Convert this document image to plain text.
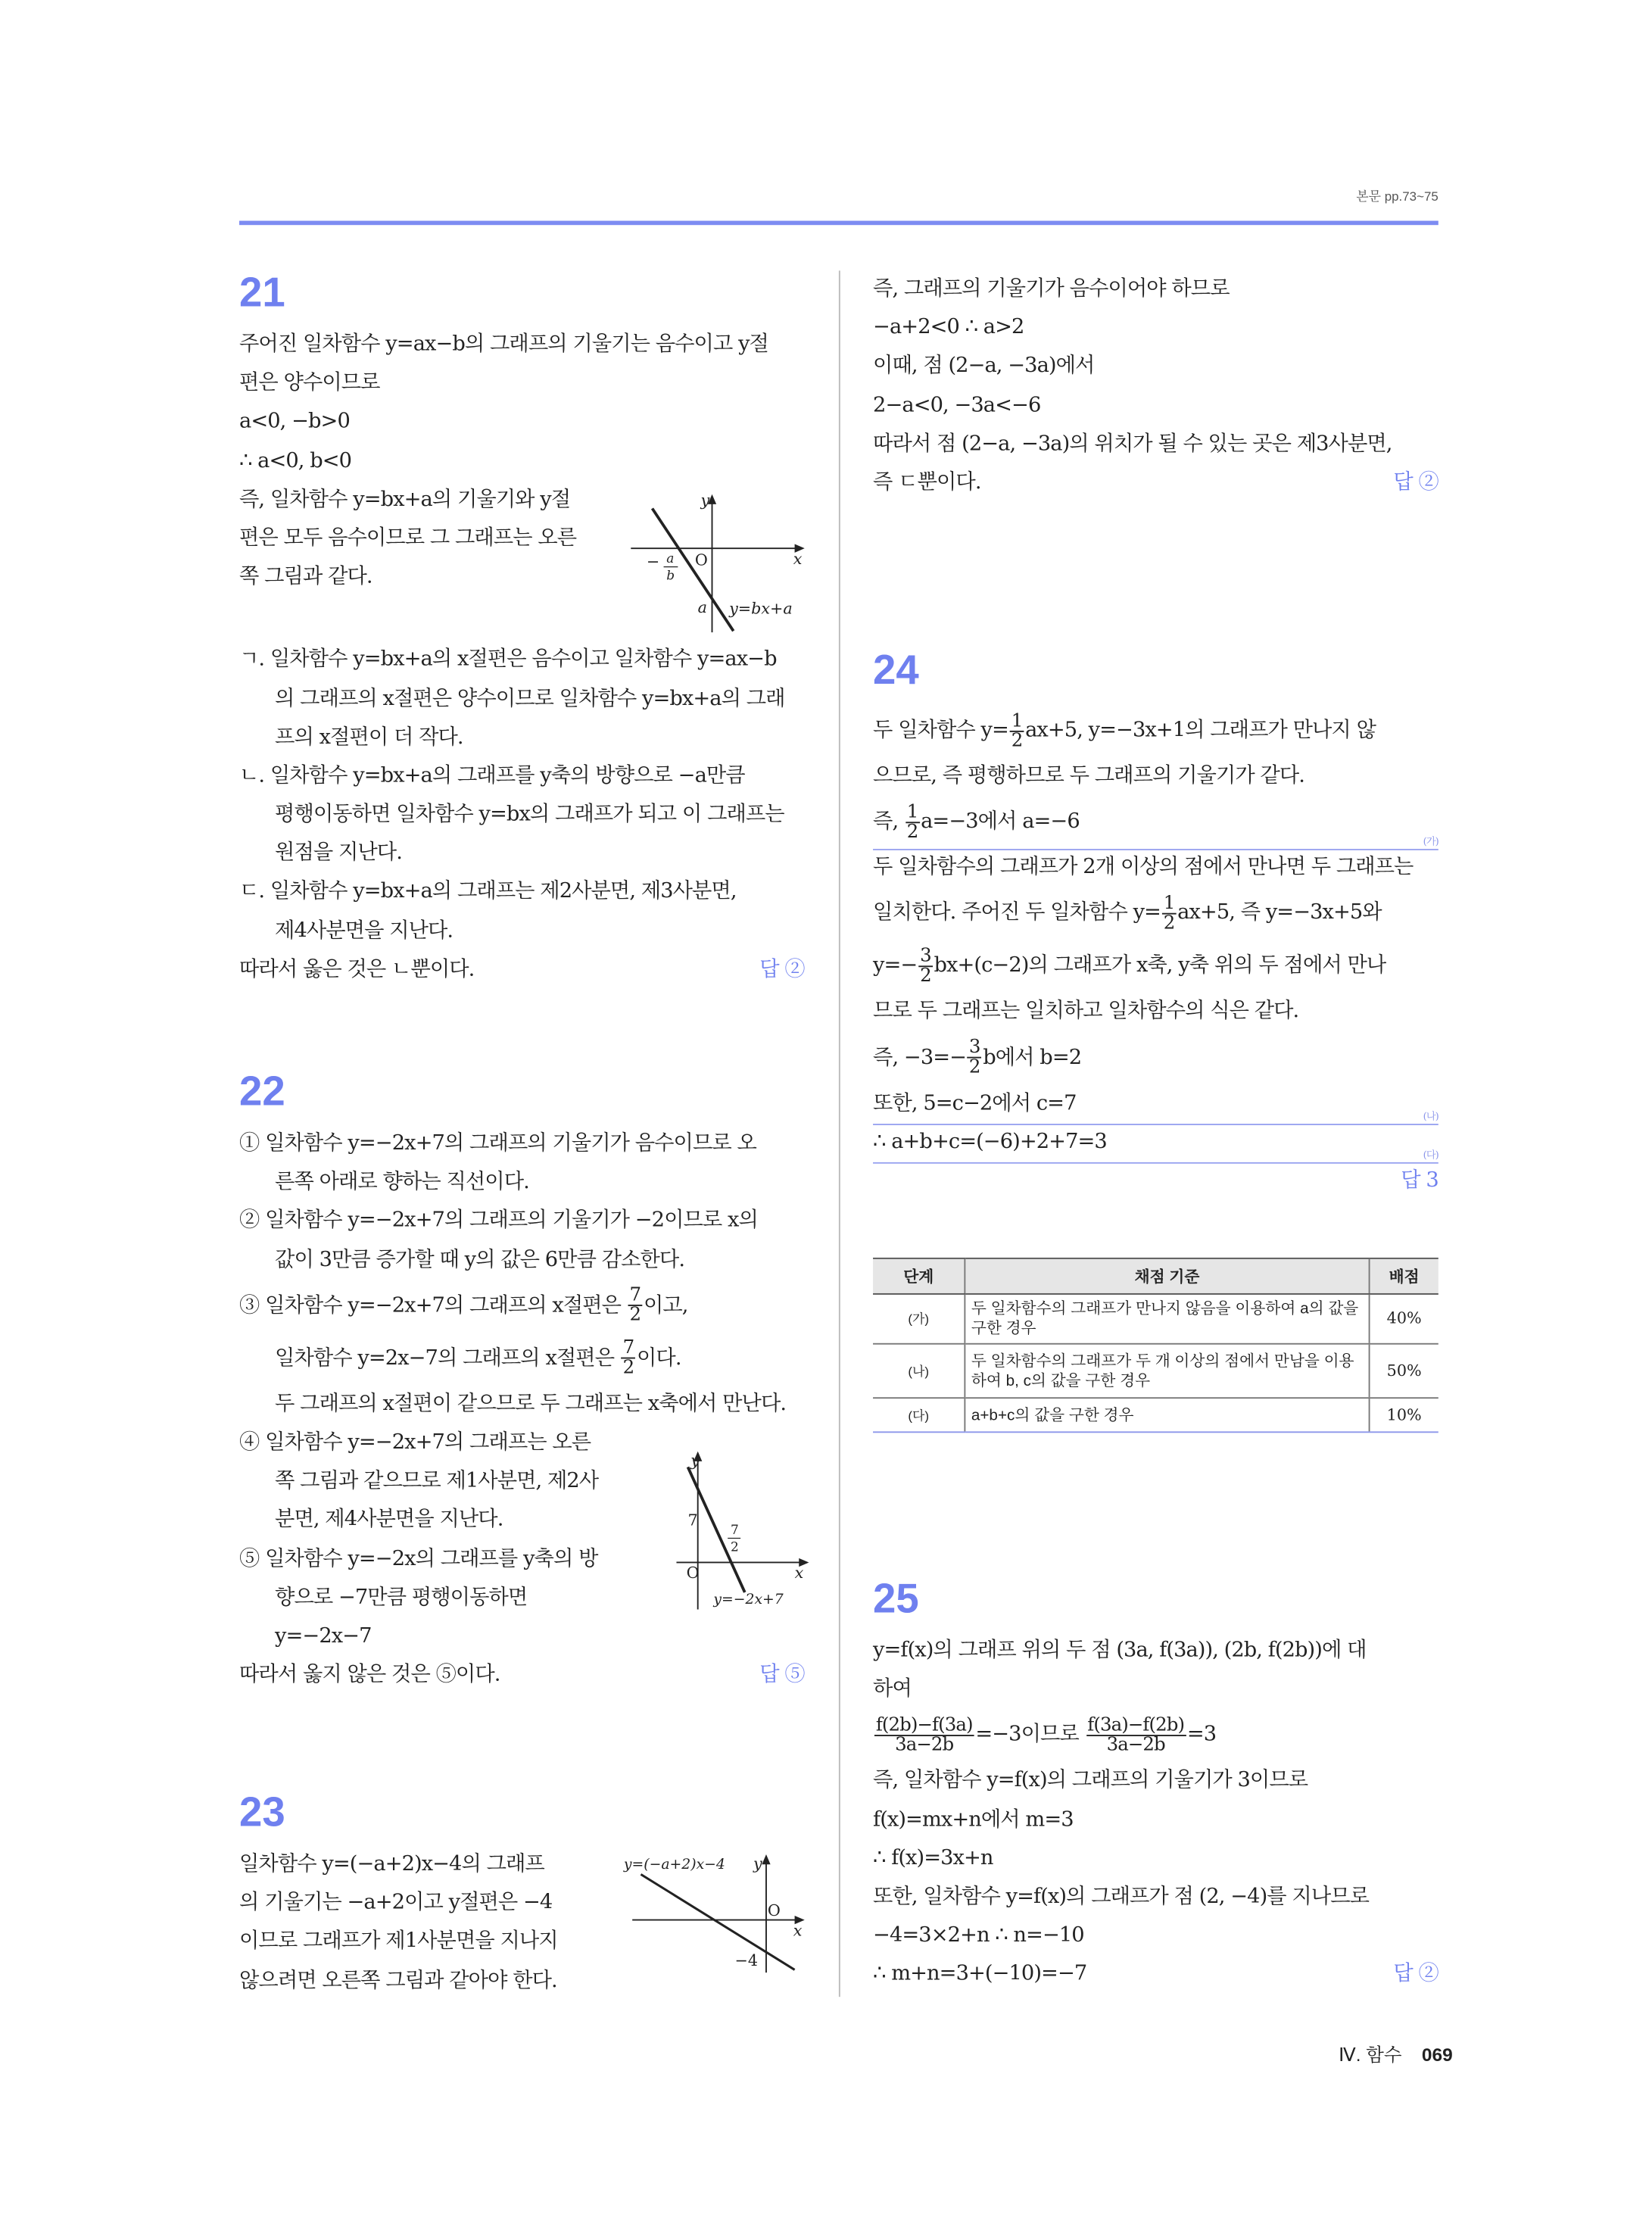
본문 pp.73~75
21
주어진 일차함수 y=ax−b의 그래프의 기울기는 음수이고 y절
편은 양수이므로
a<0, −b>0
∴ a<0, b<0
즉, 일차함수 y=bx+a의 기울기와 y절
편은 모두 음수이므로 그 그래프는 오른
쪽 그림과 같다.
ㄱ. 일차함수 y=bx+a의 x절편은 음수이고 일차함수 y=ax−b
의 그래프의 x절편은 양수이므로 일차함수 y=bx+a의 그래
프의 x절편이 더 작다.
ㄴ. 일차함수 y=bx+a의 그래프를 y축의 방향으로 −a만큼
평행이동하면 일차함수 y=bx의 그래프가 되고 이 그래프는
원점을 지난다.
ㄷ. 일차함수 y=bx+a의 그래프는 제2사분면, 제3사분면,
제4사분면을 지난다.
따라서 옳은 것은 ㄴ뿐이다.	답 ②
y
O	x
− a
b
a	y=bx+a
22
① 일차함수 y=−2x+7의 그래프의 기울기가 음수이므로 오
른쪽 아래로 향하는 직선이다.
② 일차함수 y=−2x+7의 그래프의 기울기가 −2이므로 x의
값이 3만큼 증가할 때 y의 값은 6만큼 감소한다.
③ 일차함수 y=−2x+7의 그래프의 x절편은 $\frac{7}{2}$ 이고,
일차함수 y=2x−7의 그래프의 x절편은 $\frac{7}{2}$ 이다.
두 그래프의 x절편이 같으므로 두 그래프는 x축에서 만난다.
④ 일차함수 y=−2x+7의 그래프는 오른
쪽 그림과 같으므로 제1사분면, 제2사
분면, 제4사분면을 지난다.
⑤ 일차함수 y=−2x의 그래프를 y축의 방
향으로 −7만큼 평행이동하면
y=−2x−7
따라서 옳지 않은 것은 ⑤이다.	답 ⑤
y
7
7
2
O	x
y=−2x+7
23
일차함수 y=(−a+2)x−4의 그래프
의 기울기는 −a+2이고 y절편은 −4
이므로 그래프가 제1사분면을 지나지
않으려면 오른쪽 그림과 같아야 한다.
y=(−a+2)x−4	y
O
x
−4
즉, 그래프의 기울기가 음수이어야 하므로
−a+2<0 ∴ a>2
이때, 점 (2−a, −3a)에서
2−a<0, −3a<−6
따라서 점 (2−a, −3a)의 위치가 될 수 있는 곳은 제3사분면,
즉 ㄷ뿐이다.	답 ②
24
두 일차함수 $y= \frac{1}{2} ax+5$, y=−3x+1의 그래프가 만나지 않
으므로, 즉 평행하므로 두 그래프의 기울기가 같다.
즉, $\frac{1}{2} a=-3$에서 a=−6
(가)
두 일차함수의 그래프가 2개 이상의 점에서 만나면 두 그래프는
일치한다. 주어진 두 일차함수 $y= \frac{1}{2} ax+5$, 즉 y=−3x+5와
$y=- \frac{3}{2} bx+(c-2)$의 그래프가 x축, y축 위의 두 점에서 만나
므로 두 그래프는 일치하고 일차함수의 식은 같다.
즉, $-3=- \frac{3}{2}$ b에서 b=2
또한, 5=c−2에서 c=7
(나)
∴ a+b+c=(−6)+2+7=3
(다)
답 3
단계	채점 기준	배점
(가)	두 일차함수의 그래프가 만나지 않음을 이용하여 a의 값을 구한 경우	40%
(나)	두 일차함수의 그래프가 두 개 이상의 점에서 만남을 이용하여 b, c의 값을 구한 경우	50%
(다)	a+b+c의 값을 구한 경우	10%
25
y=f(x)의 그래프 위의 두 점 (3a, f(3a)), (2b, f(2b))에 대
하여
$\frac{f(2b)-f(3a)}{3a-2b} =-3$이므로 $\frac{f(3a)-f(2b)}{3a-2b} =3$
즉, 일차함수 y=f(x)의 그래프의 기울기가 3이므로
f(x)=mx+n에서 m=3
∴ f(x)=3x+n
또한, 일차함수 y=f(x)의 그래프가 점 (2, −4)를 지나므로
−4=3×2+n ∴ n=−10
∴ m+n=3+(−10)=−7	답 ②
Ⅳ. 함수 069
